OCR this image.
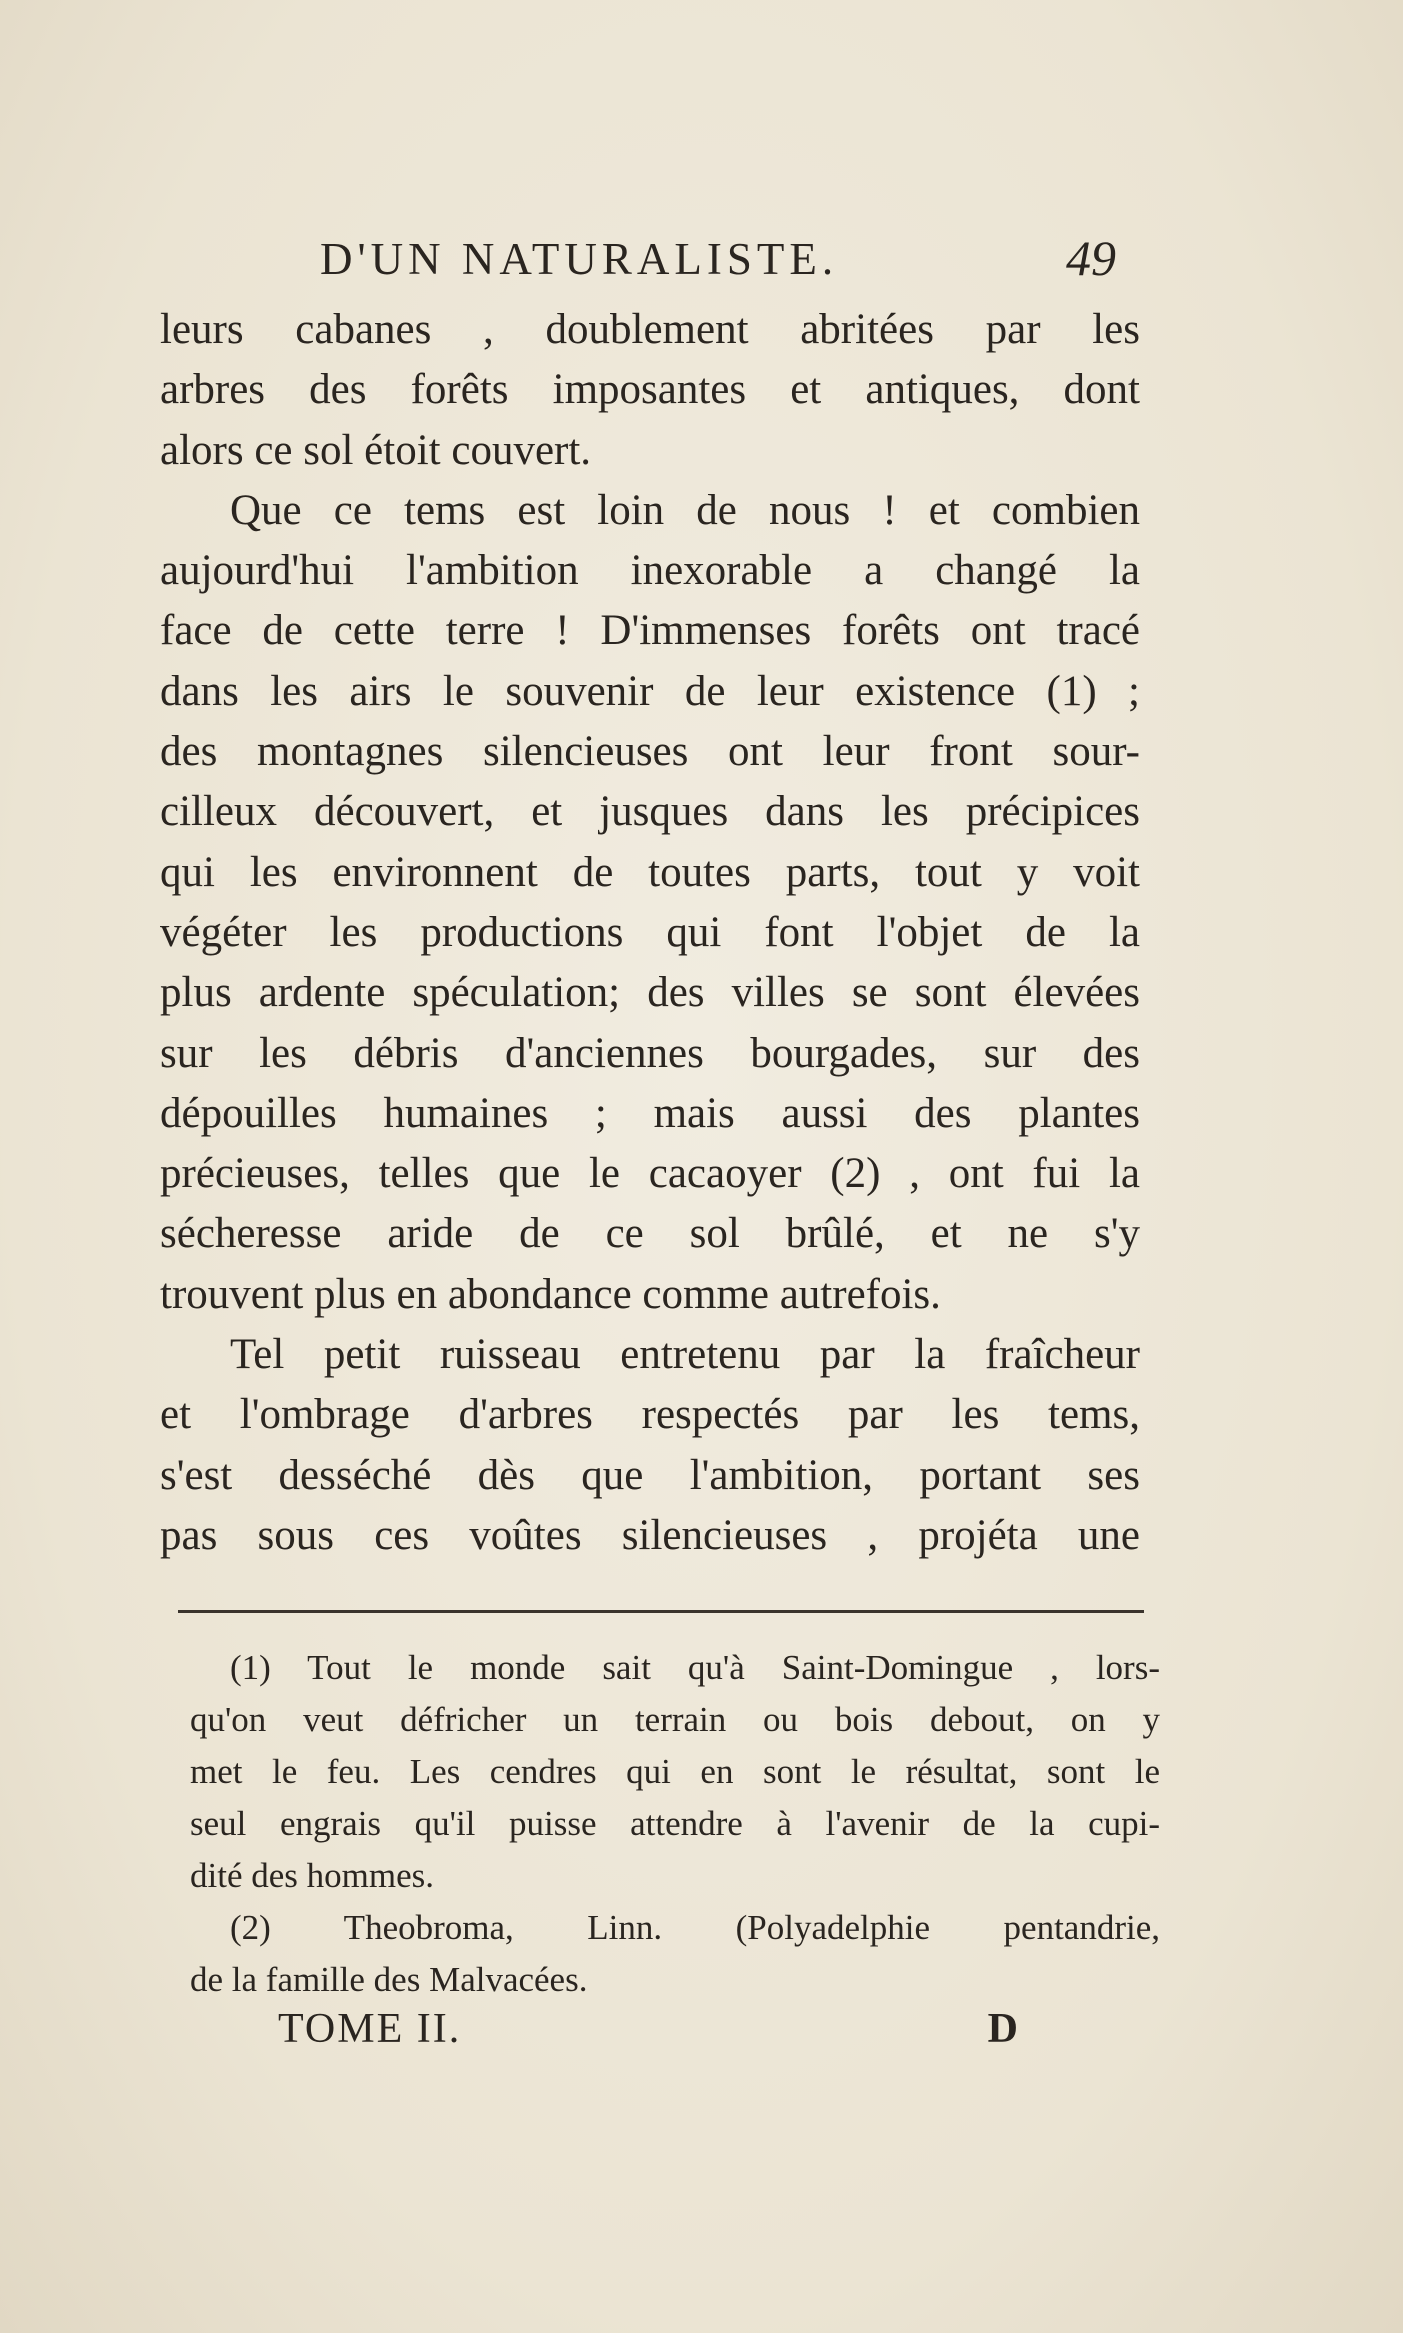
D'UN NATURALISTE.	49
leurs cabanes , doublement abritées par les
arbres des forêts imposantes et antiques, dont
alors ce sol étoit couvert.
Que ce tems est loin de nous ! et combien
aujourd'hui l'ambition inexorable a changé la
face de cette terre ! D'immenses forêts ont tracé
dans les airs le souvenir de leur existence (1) ;
des montagnes silencieuses ont leur front sour-
cilleux découvert, et jusques dans les précipices
qui les environnent de toutes parts, tout y voit
végéter les productions qui font l'objet de la
plus ardente spéculation; des villes se sont élevées
sur les débris d'anciennes bourgades, sur des
dépouilles humaines ; mais aussi des plantes
précieuses, telles que le cacaoyer (2) , ont fui la
sécheresse aride de ce sol brûlé, et ne s'y
trouvent plus en abondance comme autrefois.
Tel petit ruisseau entretenu par la fraîcheur
et l'ombrage d'arbres respectés par les tems,
s'est desséché dès que l'ambition, portant ses
pas sous ces voûtes silencieuses , projéta une
(1) Tout le monde sait qu'à Saint-Domingue , lors-
qu'on veut défricher un terrain ou bois debout, on y
met le feu. Les cendres qui en sont le résultat, sont le
seul engrais qu'il puisse attendre à l'avenir de la cupi-
dité des hommes.
(2) Theobroma, Linn. (Polyadelphie pentandrie,
de la famille des Malvacées.
TOME II.	D
